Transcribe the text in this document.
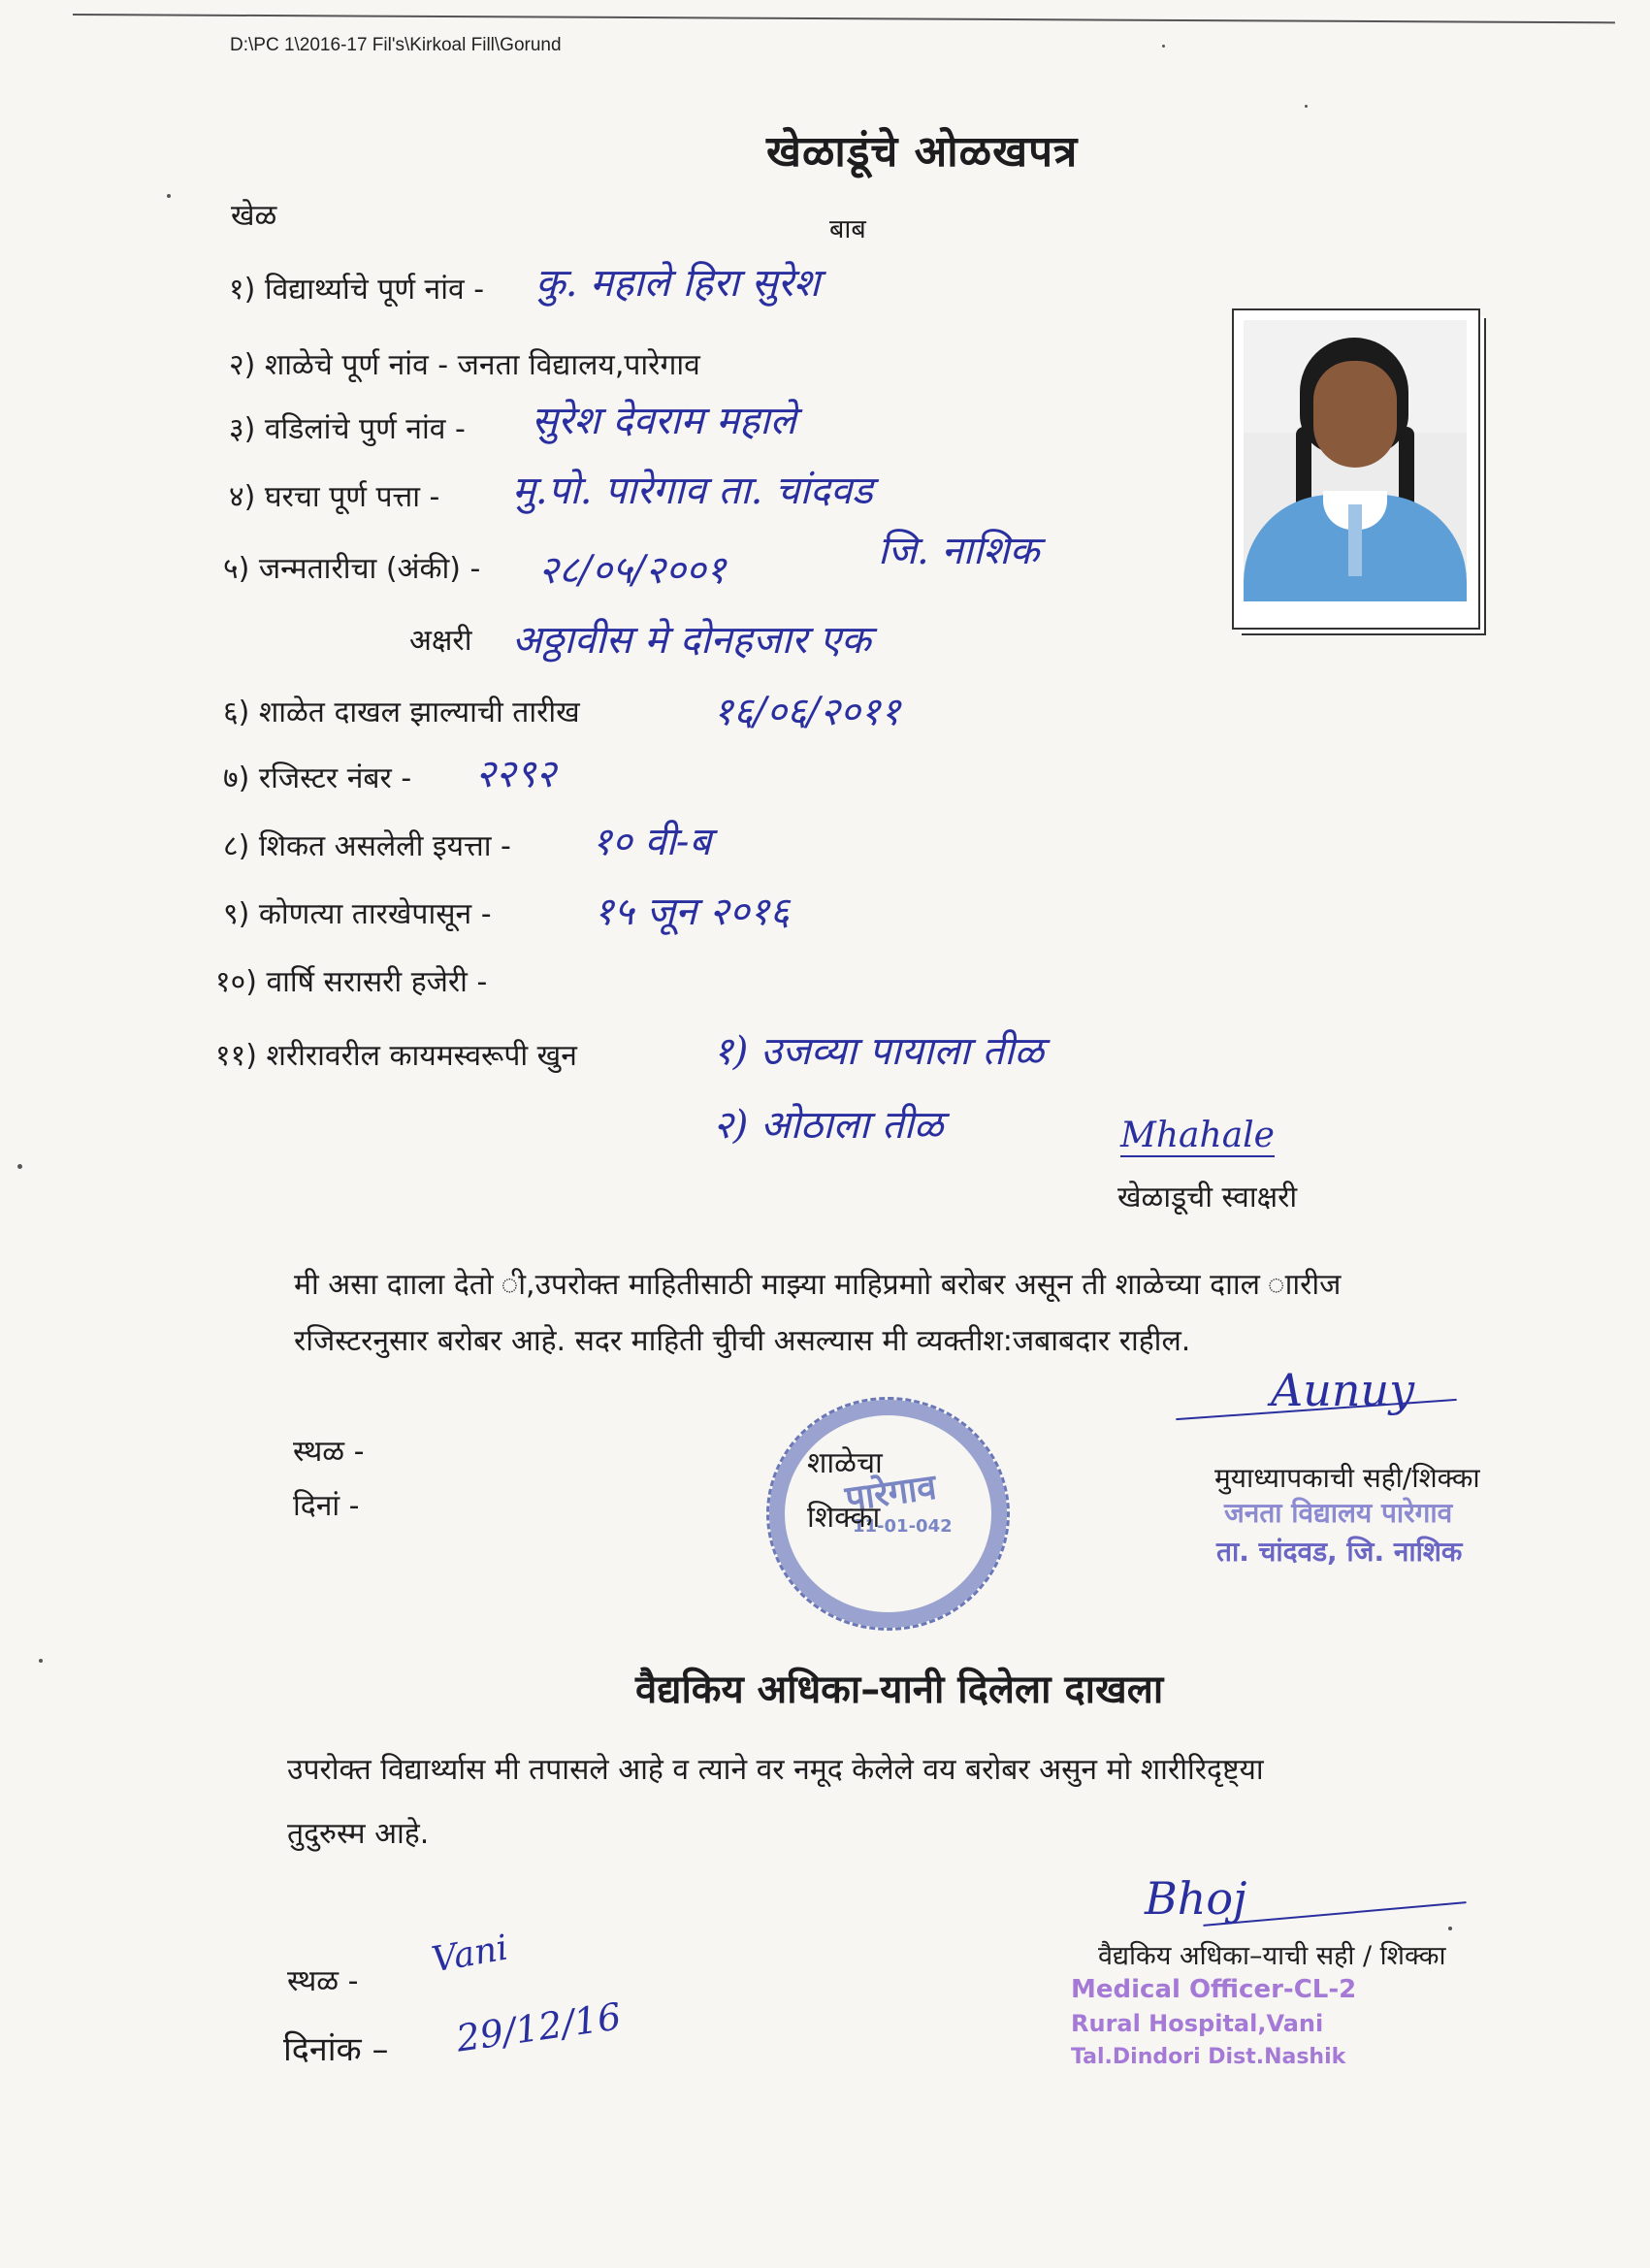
D:\PC 1\2016-17 Fil's\Kirkoal Fill\Gorund
खेळाडूंचे ओळखपत्र
खेळ	बाब
१) विद्यार्थ्याचे पूर्ण नांव - कु. महाले हिरा सुरेश
२) शाळेचे पूर्ण नांव - जनता विद्यालय,पारेगाव
३) वडिलांचे पुर्ण नांव - सुरेश देवराम महाले
४) घरचा पूर्ण पत्ता - मु.पो. पारेगाव ता. चांदवड
जि. नाशिक
५) जन्मतारीचा (अंकी) - २८/०५/२००१
अक्षरी अठ्ठावीस मे दोनहजार एक
६) शाळेत दाखल झाल्याची तारीख	१६/०६/२०११
७) रजिस्टर नंबर - २२९२
८) शिकत असलेली इयत्ता - १० वी-ब
९) कोणत्या तारखेपासून -	१५ जून २०१६
१०) वार्षि सरासरी हजेरी -
११) शरीरावरील कायमस्वरूपी खुन	१) उजव्या पायाला तीळ
२) ओठाला तीळ	Mhahale
खेळाडूची स्वाक्षरी
मी असा दााला देतो ी,उपरोक्त माहितीसाठी माझ्या माहिप्रमाो बरोबर असून ती शाळेच्या दााल ाारीज
रजिस्टरनुसार बरोबर आहे. सदर माहिती चुीची असल्यास मी व्यक्तीश:जबाबदार राहील.
स्थळ -
दिनां -	पारेगाव
11-01-042
शाळेचा
शिक्का
Aunuy
मुयाध्यापकाची सही/शिक्का
जनता विद्यालय पारेगाव
ता. चांदवड, जि. नाशिक
वैद्यकिय अधिका–यानी दिलेला दाखला
उपरोक्त विद्यार्थ्यास मी तपासले आहे व त्याने वर नमूद केलेले वय बरोबर असुन मो शारीरिदृष्ट्या
तुदुरुस्म आहे.
स्थळ -
Vani
दिनांक – 29/12/16
Bhoj
वैद्यकिय अधिका–याची सही / शिक्का
Medical Officer-CL-2
Rural Hospital,Vani
Tal.Dindori Dist.Nashik
